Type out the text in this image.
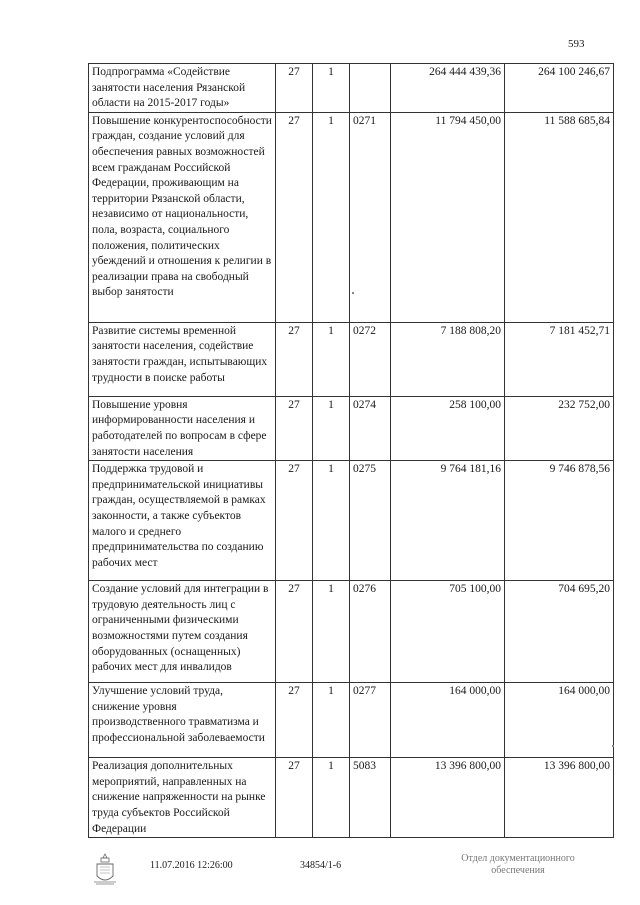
593
Подпрограмма «Содействие занятости населения Рязанской области на 2015-2017 годы»	27	1		264 444 439,36	264 100 246,67
Повышение конкурентоспособности граждан, создание условий для обеспечения равных возможностей всем гражданам Российской Федерации, проживающим на территории Рязанской области, независимо от национальности, пола, возраста, социального положения, политических убеждений и отношения к религии в реализации права на свободный выбор занятости	27	1	0271	11 794 450,00	11 588 685,84
Развитие системы временной занятости населения, содействие занятости граждан, испытывающих трудности в поиске работы	27	1	0272	7 188 808,20	7 181 452,71
Повышение уровня информированности населения и работодателей по вопросам в сфере занятости населения	27	1	0274	258 100,00	232 752,00
Поддержка трудовой и предпринимательской инициативы граждан, осуществляемой в рамках законности, а также субъектов малого и среднего предпринимательства по созданию рабочих мест	27	1	0275	9 764 181,16	9 746 878,56
Создание условий для интеграции в трудовую деятельность лиц с ограниченными физическими возможностями путем создания оборудованных (оснащенных) рабочих мест для инвалидов	27	1	0276	705 100,00	704 695,20
Улучшение условий труда, снижение уровня производственного травматизма и профессиональной заболеваемости	27	1	0277	164 000,00	164 000,00
Реализация дополнительных мероприятий, направленных на снижение напряженности на рынке труда субъектов Российской Федерации	27	1	5083	13 396 800,00	13 396 800,00
11.07.2016 12:26:00	34854/1-6
Отдел документационного
обеспечения
